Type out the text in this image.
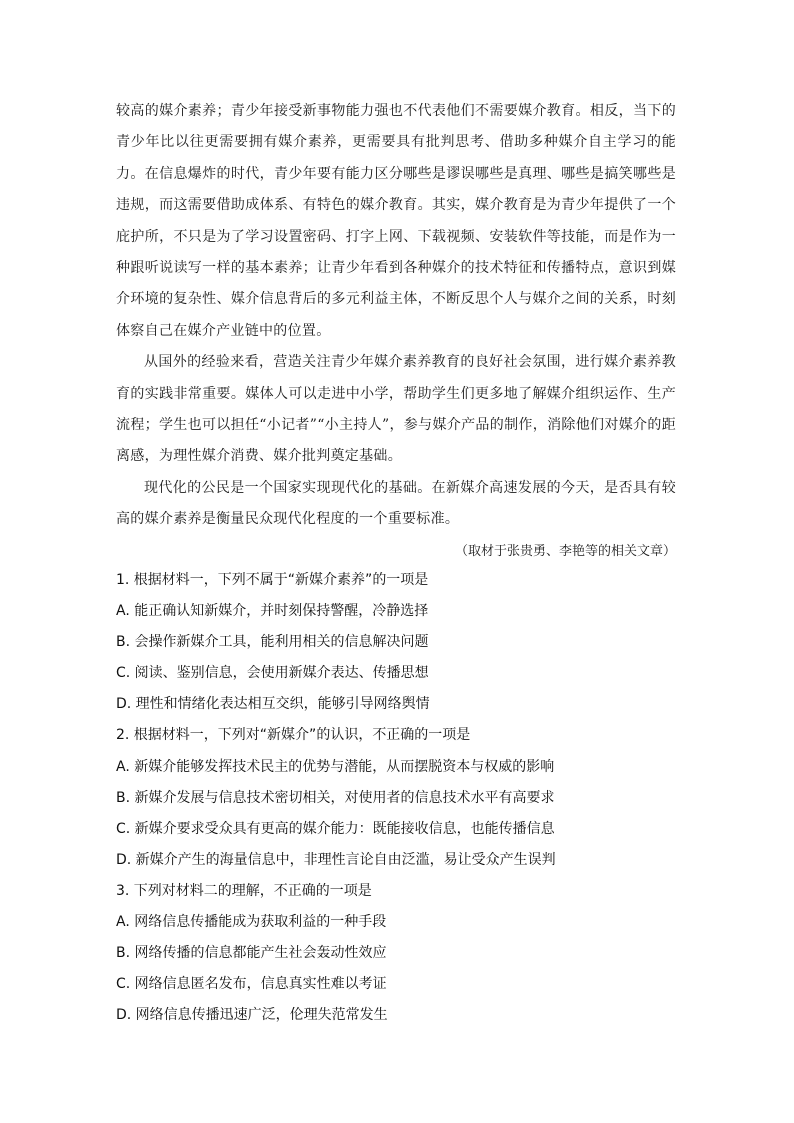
较高的媒介素养；青少年接受新事物能力强也不代表他们不需要媒介教育。相反，当下的青少年比以往更需要拥有媒介素养，更需要具有批判思考、借助多种媒介自主学习的能力。在信息爆炸的时代，青少年要有能力区分哪些是谬误哪些是真理、哪些是搞笑哪些是违规，而这需要借助成体系、有特色的媒介教育。其实，媒介教育是为青少年提供了一个庇护所，不只是为了学习设置密码、打字上网、下载视频、安装软件等技能，而是作为一种跟听说读写一样的基本素养；让青少年看到各种媒介的技术特征和传播特点，意识到媒介环境的复杂性、媒介信息背后的多元利益主体，不断反思个人与媒介之间的关系，时刻体察自己在媒介产业链中的位置。

从国外的经验来看，营造关注青少年媒介素养教育的良好社会氛围，进行媒介素养教育的实践非常重要。媒体人可以走进中小学，帮助学生们更多地了解媒介组织运作、生产流程；学生也可以担任“小记者”“小主持人”，参与媒介产品的制作，消除他们对媒介的距离感，为理性媒介消费、媒介批判奠定基础。

现代化的公民是一个国家实现现代化的基础。在新媒介高速发展的今天，是否具有较高的媒介素养是衡量民众现代化程度的一个重要标准。

（取材于张贵勇、李艳等的相关文章）

1. 根据材料一，下列不属于“新媒介素养”的一项是

A. 能正确认知新媒介，并时刻保持警醒，冷静选择

B. 会操作新媒介工具，能利用相关的信息解决问题

C. 阅读、鉴别信息，会使用新媒介表达、传播思想

D. 理性和情绪化表达相互交织，能够引导网络舆情

2. 根据材料一，下列对“新媒介”的认识，不正确的一项是

A. 新媒介能够发挥技术民主的优势与潜能，从而摆脱资本与权威的影响

B. 新媒介发展与信息技术密切相关，对使用者的信息技术水平有高要求

C. 新媒介要求受众具有更高的媒介能力：既能接收信息，也能传播信息

D. 新媒介产生的海量信息中，非理性言论自由泛滥，易让受众产生误判

3. 下列对材料二的理解，不正确的一项是

A. 网络信息传播能成为获取利益的一种手段

B. 网络传播的信息都能产生社会轰动性效应

C. 网络信息匿名发布，信息真实性难以考证

D. 网络信息传播迅速广泛，伦理失范常发生
